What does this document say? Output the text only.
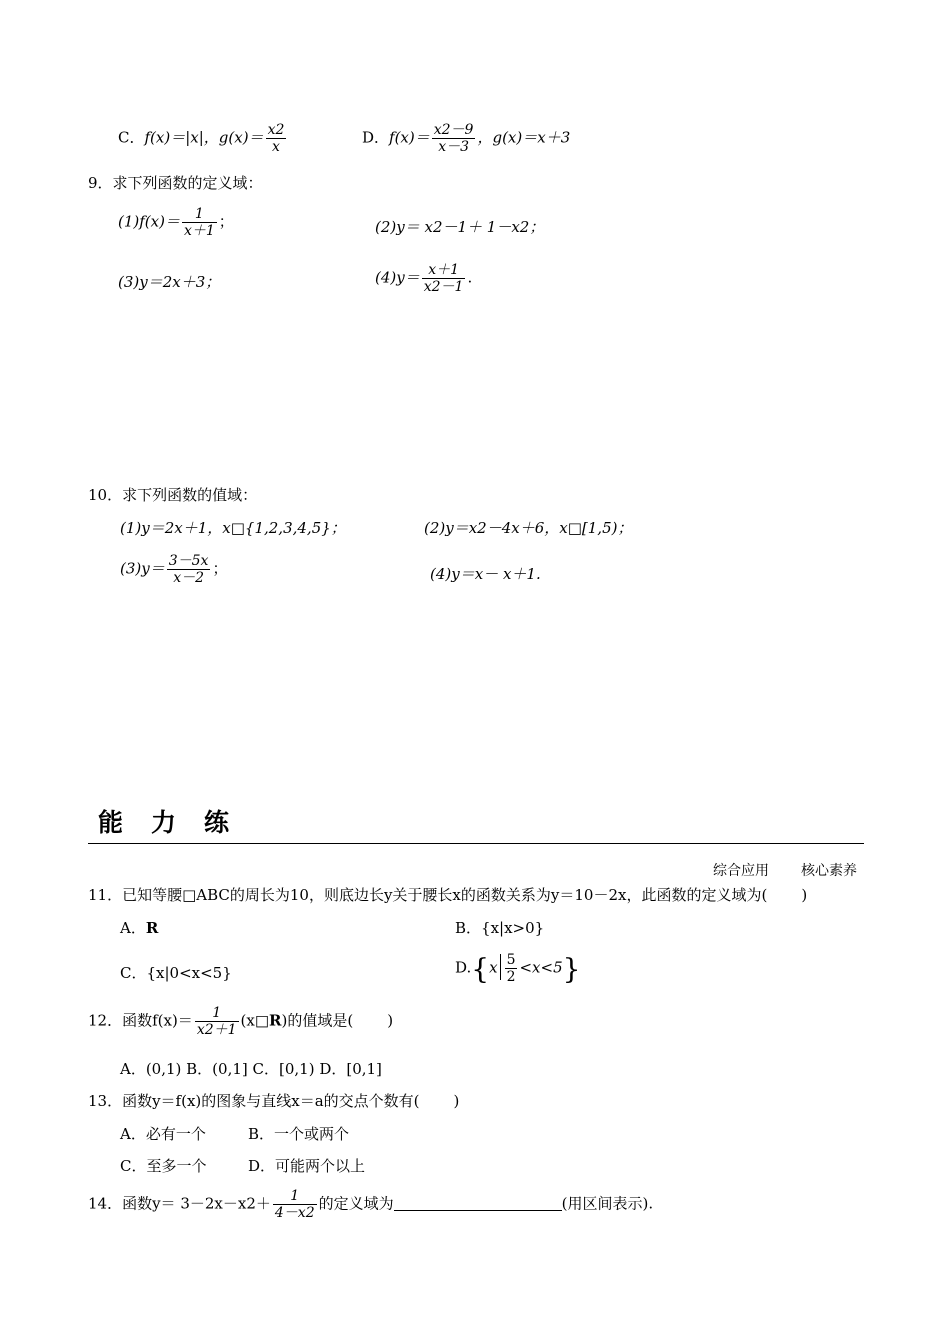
C．f(x)＝|x|，$g(x)= \frac{x2}{x}$	D．$f(x)= \frac{x2-9}{x-3}$ ，g(x)＝x＋3
9．求下列函数的定义域：
$(1)f(x)= \frac{1}{x+1}$ ；	(2)y＝ x2－1＋ 1－x2；
(3)y＝2x＋3；	$(4)y= \frac{x+1}{x2-1}$ .
10．求下列函数的值域：
(1)y＝2x＋1，x□{1,2,3,4,5}；	(2)y＝x2－4x＋6，x□[1,5)；
$(3)y= \frac{3-5x}{x-2}$ ；	(4)y＝x－ x＋1.
能力练
综合应用 核心素养
11．已知等腰□ABC的周长为10，则底边长y关于腰长x的函数关系为y＝10－2x，此函数的定义域为( )
A．R	B．{x|x>0}
C．{x|0<x<5}	$D.\{x \frac{5}{2} <x<5\}$
12．函数$f(x)= \frac{1}{x2+1}$ (x□R)的值域是( )
A．(0,1) B．(0,1] C．[0,1) D．[0,1]
13．函数y＝f(x)的图象与直线x＝a的交点个数有( )
A．必有一个	B．一个或两个
C．至多一个	D．可能两个以上
14．函数$y= 3-2x-x2+ \frac{1}{4-x2}$ 的定义域为	(用区间表示).
